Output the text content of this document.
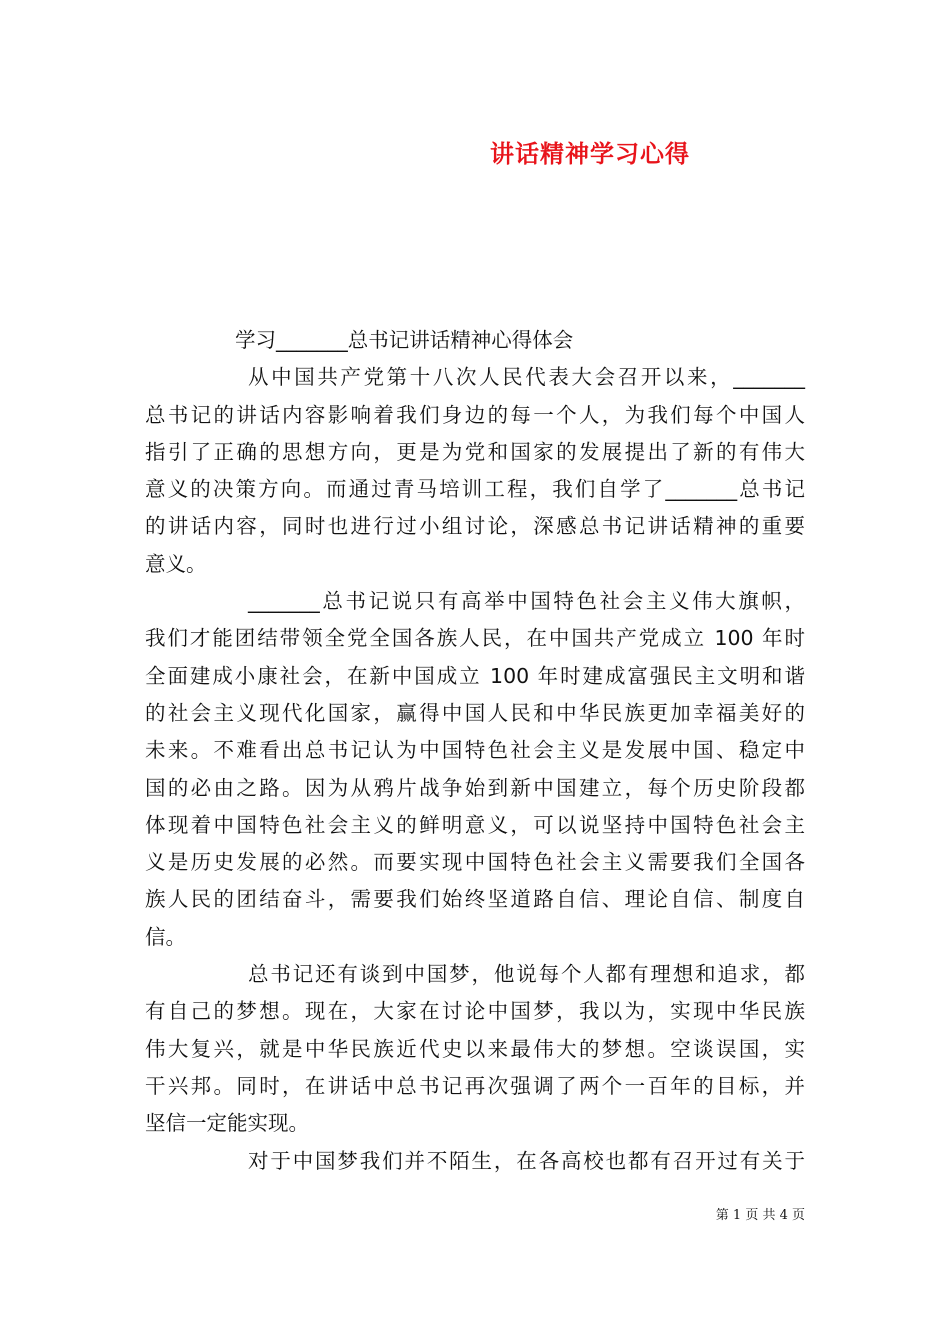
讲话精神学习心得
学习_______总书记讲话精神心得体会
从中国共产党第十八次人民代表大会召开以来，_______
总书记的讲话内容影响着我们身边的每一个人，为我们每个中国人
指引了正确的思想方向，更是为党和国家的发展提出了新的有伟大
意义的决策方向。而通过青马培训工程，我们自学了_______总书记
的讲话内容，同时也进行过小组讨论，深感总书记讲话精神的重要
意义。
_______总书记说只有高举中国特色社会主义伟大旗帜，
我们才能团结带领全党全国各族人民，在中国共产党成立 100 年时
全面建成小康社会，在新中国成立 100 年时建成富强民主文明和谐
的社会主义现代化国家，赢得中国人民和中华民族更加幸福美好的
未来。不难看出总书记认为中国特色社会主义是发展中国、稳定中
国的必由之路。因为从鸦片战争始到新中国建立，每个历史阶段都
体现着中国特色社会主义的鲜明意义，可以说坚持中国特色社会主
义是历史发展的必然。而要实现中国特色社会主义需要我们全国各
族人民的团结奋斗，需要我们始终坚道路自信、理论自信、制度自
信。
总书记还有谈到中国梦，他说每个人都有理想和追求，都
有自己的梦想。现在，大家在讨论中国梦，我以为，实现中华民族
伟大复兴，就是中华民族近代史以来最伟大的梦想。空谈误国，实
干兴邦。同时，在讲话中总书记再次强调了两个一百年的目标，并
坚信一定能实现。
对于中国梦我们并不陌生，在各高校也都有召开过有关于
第 1 页 共 4 页
